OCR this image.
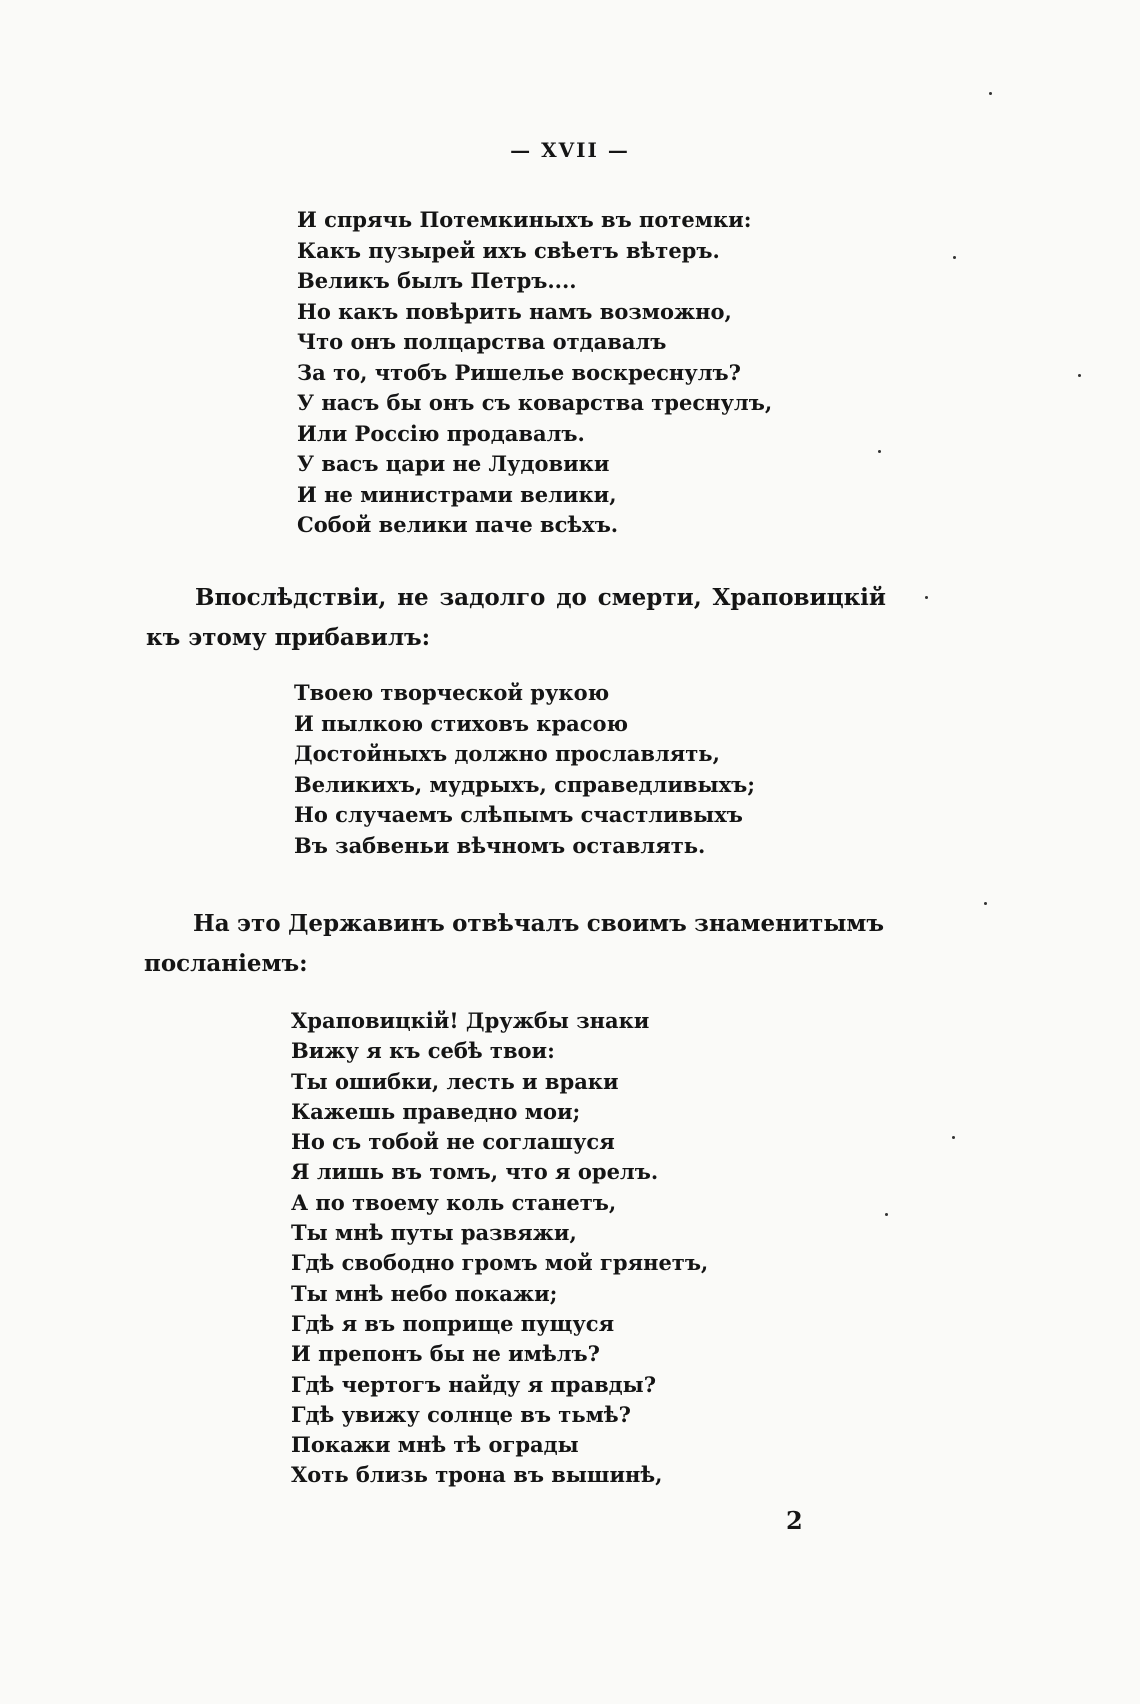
— XVII —
И спрячь Потемкиныхъ въ потемки:
Какъ пузырей ихъ свѣетъ вѣтеръ.
Великъ былъ Петръ....
Но какъ повѣрить намъ возможно,
Что онъ полцарства отдавалъ
За то, чтобъ Ришелье воскреснулъ?
У насъ бы онъ съ коварства треснулъ,
Или Россію продавалъ.
У васъ цари не Лудовики
И не министрами велики,
Собой велики паче всѣхъ.
Впослѣдствіи, не задолго до смерти, Храповицкій
къ этому прибавилъ:
Твоею творческой рукою
И пылкою стиховъ красою
Достойныхъ должно прославлять,
Великихъ, мудрыхъ, справедливыхъ;
Но случаемъ слѣпымъ счастливыхъ
Въ забвеньи вѣчномъ оставлять.
На это Державинъ отвѣчалъ своимъ знаменитымъ
посланіемъ:
Храповицкій! Дружбы знаки
Вижу я къ себѣ твои:
Ты ошибки, лесть и враки
Кажешь праведно мои;
Но съ тобой не соглашуся
Я лишь въ томъ, что я орелъ.
А по твоему коль станетъ,
Ты мнѣ путы развяжи,
Гдѣ свободно громъ мой грянетъ,
Ты мнѣ небо покажи;
Гдѣ я въ поприще пущуся
И препонъ бы не имѣлъ?
Гдѣ чертогъ найду я правды?
Гдѣ увижу солнце въ тьмѣ?
Покажи мнѣ тѣ ограды
Хоть близь трона въ вышинѣ,
2
